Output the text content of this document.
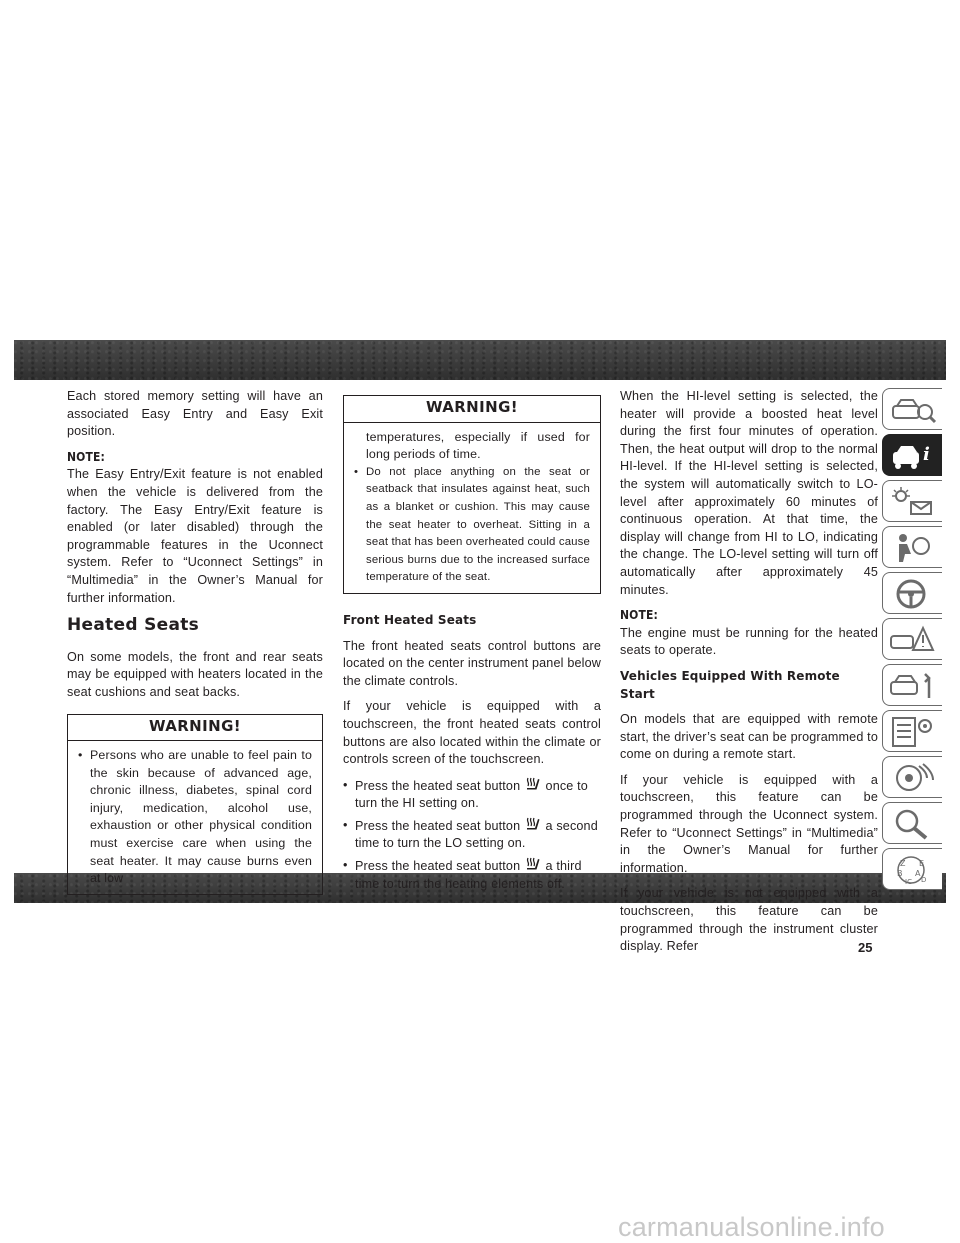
Each stored memory setting will have an associated Easy Entry and Easy Exit position.

NOTE:

The Easy Entry/Exit feature is not enabled when the vehicle is delivered from the factory. The Easy Entry/Exit feature is enabled (or later disabled) through the programmable features in the Uconnect system. Refer to “Uconnect Settings” in “Multimedia” in the Owner’s Manual for further information.

Heated Seats

On some models, the front and rear seats may be equipped with heaters located in the seat cushions and seat backs.

WARNING!
• Persons who are unable to feel pain to the skin because of advanced age, chronic illness, diabetes, spinal cord injury, medication, alcohol use, exhaustion or other physical condition must exercise care when using the seat heater. It may cause burns even at low
WARNING!
temperatures, especially if used for long periods of time.
• Do not place anything on the seat or seatback that insulates against heat, such as a blanket or cushion. This may cause the seat heater to overheat. Sitting in a seat that has been overheated could cause serious burns due to the increased surface temperature of the seat.
Front Heated Seats

The front heated seats control buttons are located on the center instrument panel below the climate controls.

If your vehicle is equipped with a touchscreen, the front heated seats control buttons are also located within the climate or controls screen of the touchscreen.

• Press the heated seat button once to turn the HI setting on.
• Press the heated seat button a second time to turn the LO setting on.
• Press the heated seat button a third time to turn the heating elements off.

When the HI-level setting is selected, the heater will provide a boosted heat level during the first four minutes of operation. Then, the heat output will drop to the normal HI-level. If the HI-level setting is selected, the system will automatically switch to LO-level after approximately 60 minutes of continuous operation. At that time, the display will change from HI to LO, indicating the change. The LO-level setting will turn off automatically after approximately 45 minutes.

NOTE:

The engine must be running for the heated seats to operate.

Vehicles Equipped With Remote Start

On models that are equipped with remote start, the driver’s seat can be programmed to come on during a remote start.

If your vehicle is equipped with a touchscreen, this feature can be programmed through the Uconnect system. Refer to “Uconnect Settings” in “Multimedia” in the Owner’s Manual for further information.

If your vehicle is not equipped with a touchscreen, this feature can be programmed through the instrument cluster display. Refer

i
Z E
B A
IC D
25
carmanualsonline.info
